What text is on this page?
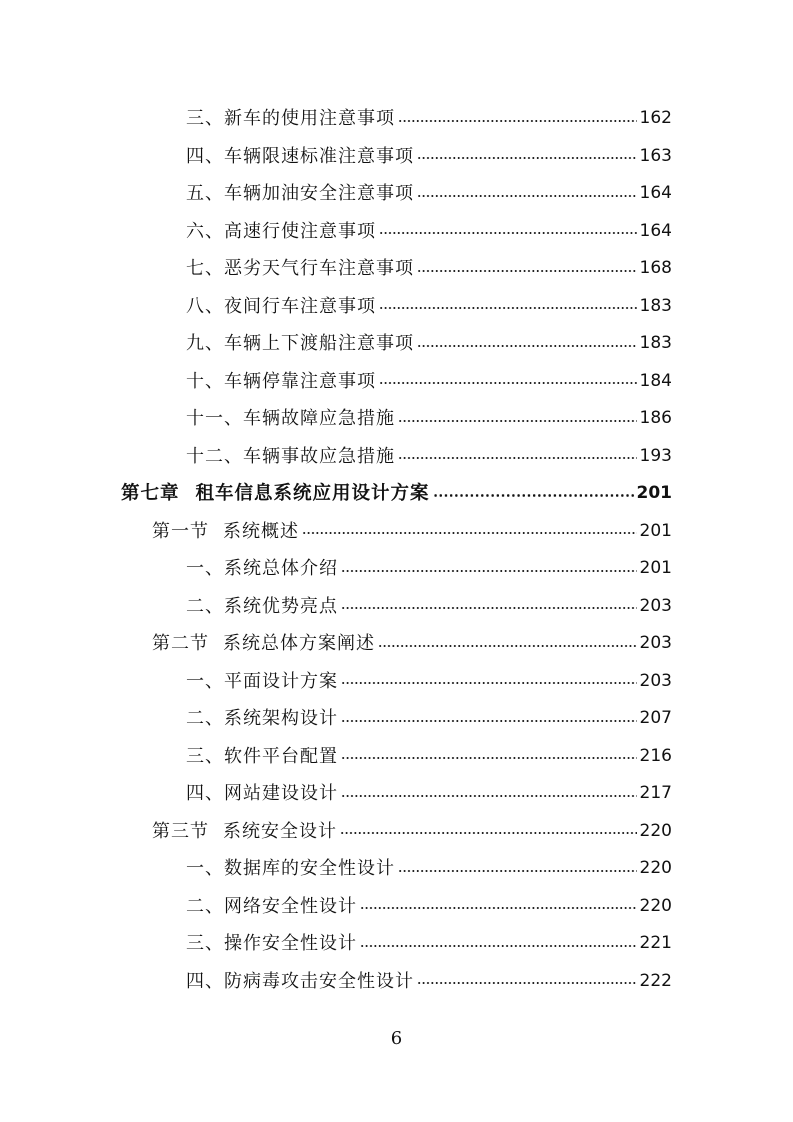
三、 新车的使用注意事项	162
四、 车辆限速标准注意事项	163
五、 车辆加油安全注意事项	164
六、 高速行使注意事项	164
七、 恶劣天气行车注意事项	168
八、 夜间行车注意事项	183
九、 车辆上下渡船注意事项	183
十、 车辆停靠注意事项	184
十一、 车辆故障应急措施	186
十二、 车辆事故应急措施	193
第七章 租车信息系统应用设计方案	201
第一节 系统概述	201
一、 系统总体介绍	201
二、 系统优势亮点	203
第二节 系统总体方案阐述	203
一、 平面设计方案	203
二、 系统架构设计	207
三、 软件平台配置	216
四、 网站建设设计	217
第三节 系统安全设计	220
一、 数据库的安全性设计	220
二、 网络安全性设计	220
三、 操作安全性设计	221
四、 防病毒攻击安全性设计	222
6
